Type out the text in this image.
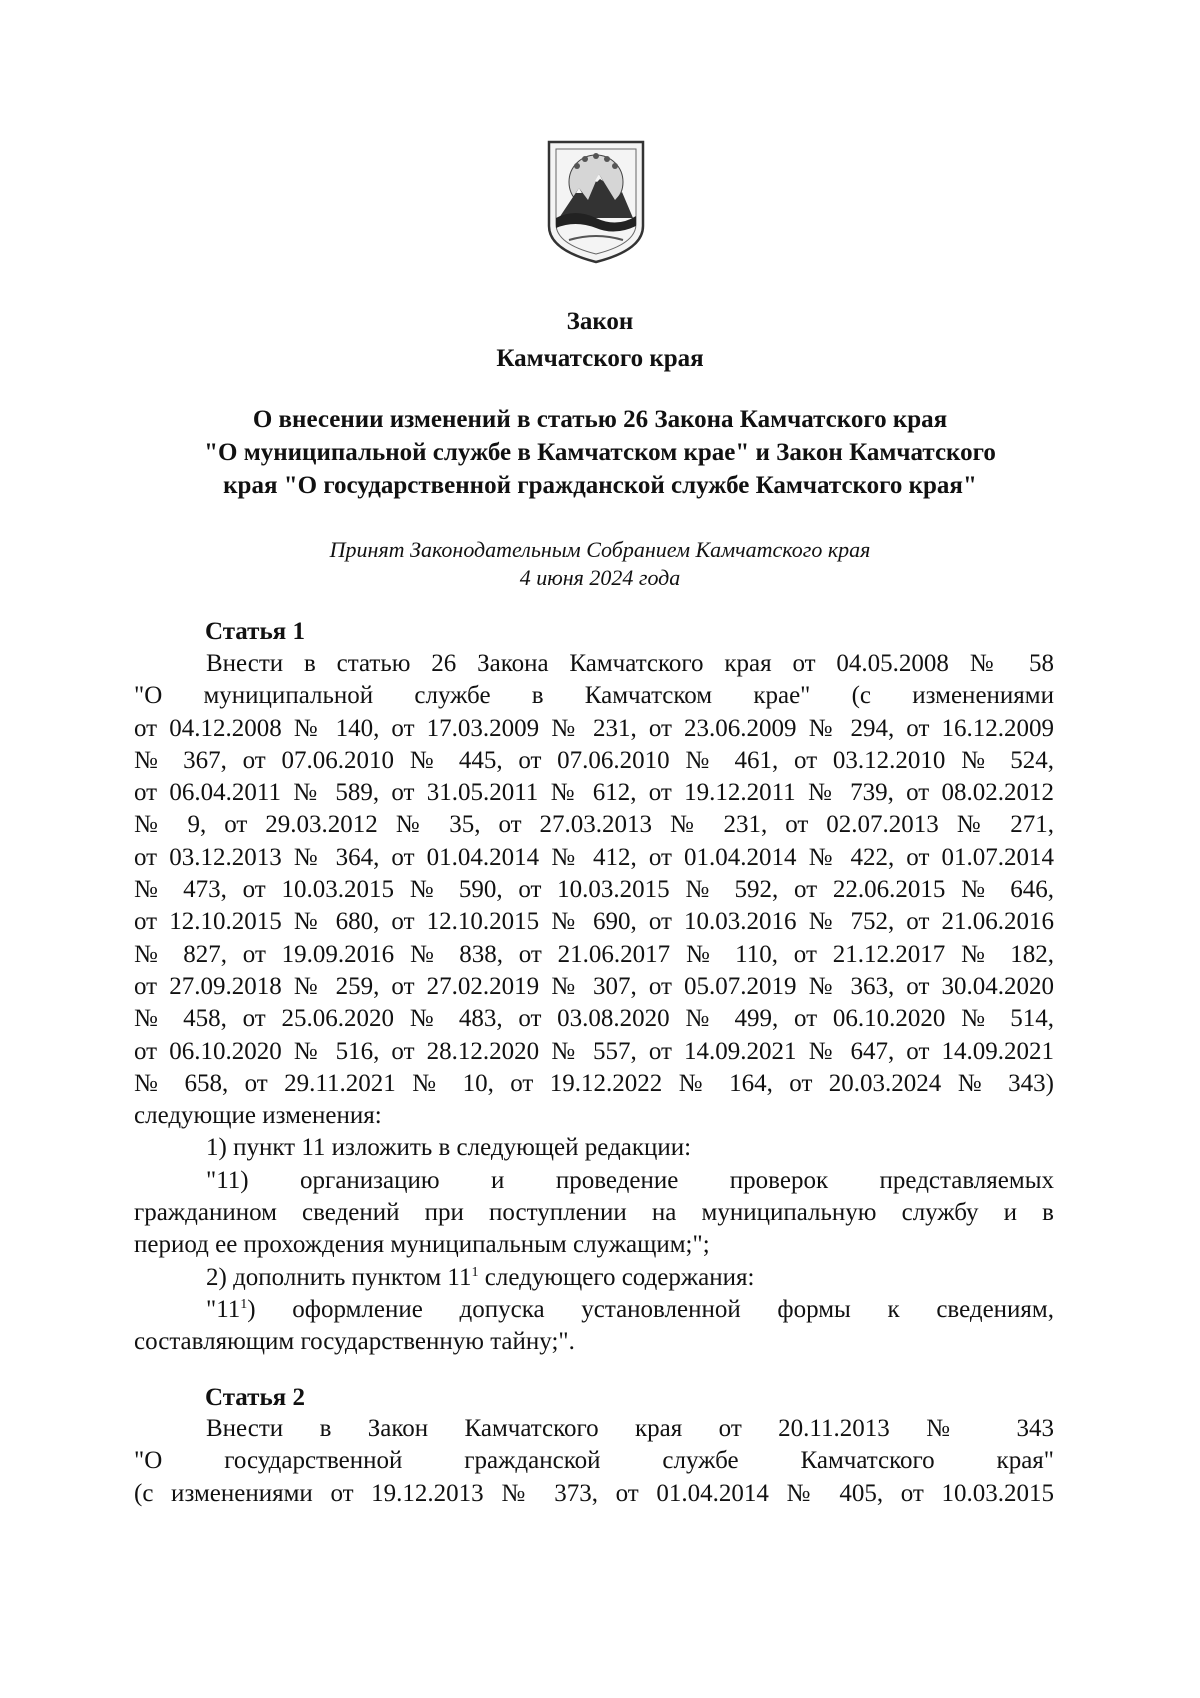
Закон
Камчатского края
О внесении изменений в статью 26 Закона Камчатского края
"О муниципальной службе в Камчатском крае" и Закон Камчатского
края "О государственной гражданской службе Камчатского края"
Принят Законодательным Собранием Камчатского края
4 июня 2024 года
Статья 1

Внести в статью 26 Закона Камчатского края от 04.05.2008 № 58

"О муниципальной службе в Камчатском крае" (с изменениями

от 04.12.2008 № 140, от 17.03.2009 № 231, от 23.06.2009 № 294, от 16.12.2009

№ 367, от 07.06.2010 № 445, от 07.06.2010 № 461, от 03.12.2010 № 524,

от 06.04.2011 № 589, от 31.05.2011 № 612, от 19.12.2011 № 739, от 08.02.2012

№ 9, от 29.03.2012 № 35, от 27.03.2013 № 231, от 02.07.2013 № 271,

от 03.12.2013 № 364, от 01.04.2014 № 412, от 01.04.2014 № 422, от 01.07.2014

№ 473, от 10.03.2015 № 590, от 10.03.2015 № 592, от 22.06.2015 № 646,

от 12.10.2015 № 680, от 12.10.2015 № 690, от 10.03.2016 № 752, от 21.06.2016

№ 827, от 19.09.2016 № 838, от 21.06.2017 № 110, от 21.12.2017 № 182,

от 27.09.2018 № 259, от 27.02.2019 № 307, от 05.07.2019 № 363, от 30.04.2020

№ 458, от 25.06.2020 № 483, от 03.08.2020 № 499, от 06.10.2020 № 514,

от 06.10.2020 № 516, от 28.12.2020 № 557, от 14.09.2021 № 647, от 14.09.2021

№ 658, от 29.11.2021 № 10, от 19.12.2022 № 164, от 20.03.2024 № 343)

следующие изменения:

1) пункт 11 изложить в следующей редакции:

"11) организацию и проведение проверок представляемых

гражданином сведений при поступлении на муниципальную службу и в

период ее прохождения муниципальным служащим;";

2) дополнить пунктом $11^1$ следующего содержания:

"$11^1$) оформление допуска установленной формы к сведениям,

составляющим государственную тайну;".

Статья 2

Внести в Закон Камчатского края от 20.11.2013 № 343

"О государственной гражданской службе Камчатского края"

(с изменениями от 19.12.2013 № 373, от 01.04.2014 № 405, от 10.03.2015
